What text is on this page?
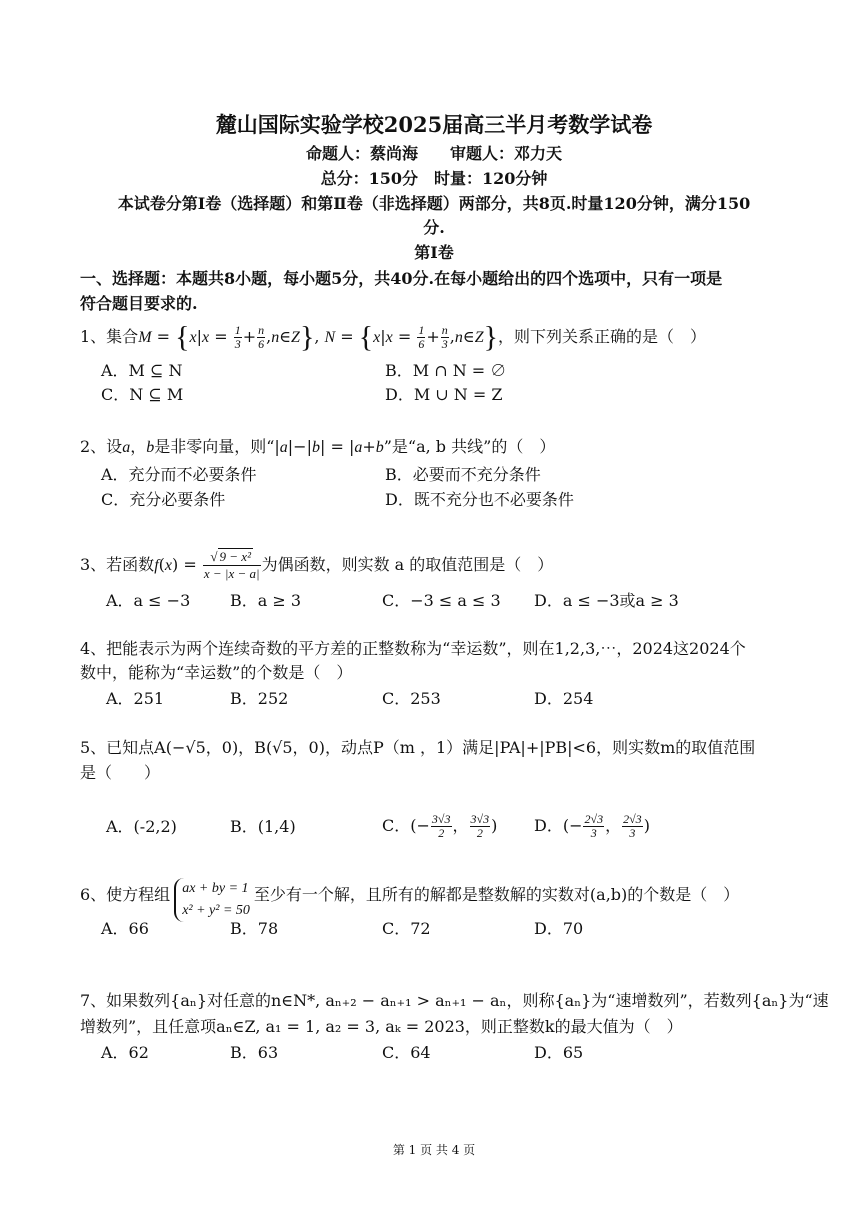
麓山国际实验学校2025届高三半月考数学试卷
命题人：蔡尚海　　审题人：邓力天
总分：150分　时量：120分钟
本试卷分第Ⅰ卷（选择题）和第Ⅱ卷（非选择题）两部分，共8页.时量120分钟，满分150
分.
第Ⅰ卷
一、选择题：本题共8小题，每小题5分，共40分.在每小题给出的四个选项中，只有一项是
符合题目要求的.
1、集合$M = \{x|x = \frac{1}{3} + \frac{n}{6}$ ,n∈Z}, $N = \{x|x = \frac{1}{6} + \frac{n}{3}$ ,n∈Z}，则下列关系正确的是（　）
A．M ⊆ N	B．M ∩ N = ∅
C．N ⊆ M	D．M ∪ N = Z
2、设a，b是非零向量，则“|a|−|b| = |a+b”是“a, b 共线”的（　）
A．充分而不必要条件	B．必要而不充分条件
C．充分必要条件	D．既不充分也不必要条件
3、若函数$f(x) = \frac{\text{√ 9 − x²}}{x - |x - a|}$ 为偶函数，则实数 a 的取值范围是（　）
A．a ≤ −3 B．a ≥ 3	C．−3 ≤ a ≤ 3 D．a ≤ −3或a ≥ 3
4、把能表示为两个连续奇数的平方差的正整数称为“幸运数”，则在1,2,3,⋯，2024这2024个
数中，能称为“幸运数”的个数是（　）
A．251	B．252	C．253	D．254
5、已知点A(−√5，0)，B(√5，0)，动点P（m ，1）满足|PA|+|PB|<6，则实数m的取值范围
是（　　）
A．(-2,2)	B．(1,4)	C．(− $\frac{3√3}{2}$ ， $\frac{3√3}{2}$ ) D．(− $\frac{2√3}{3}$ ， $\frac{2√3}{3}$ )
6、使方程组 ax + by = 1
x² + y² = 50
至少有一个解，且所有的解都是整数解的实数对(a,b)的个数是（　）
A．66	B．78	C．72	D．70
7、如果数列{aₙ}对任意的n∈N*, aₙ₊₂ − aₙ₊₁ > aₙ₊₁ − aₙ，则称{aₙ}为“速增数列”，若数列{aₙ}为“速
增数列”，且任意项aₙ∈Z, a₁ = 1, a₂ = 3, aₖ = 2023，则正整数k的最大值为（　）
A．62	B．63	C．64	D．65
第 1 页 共 4 页
